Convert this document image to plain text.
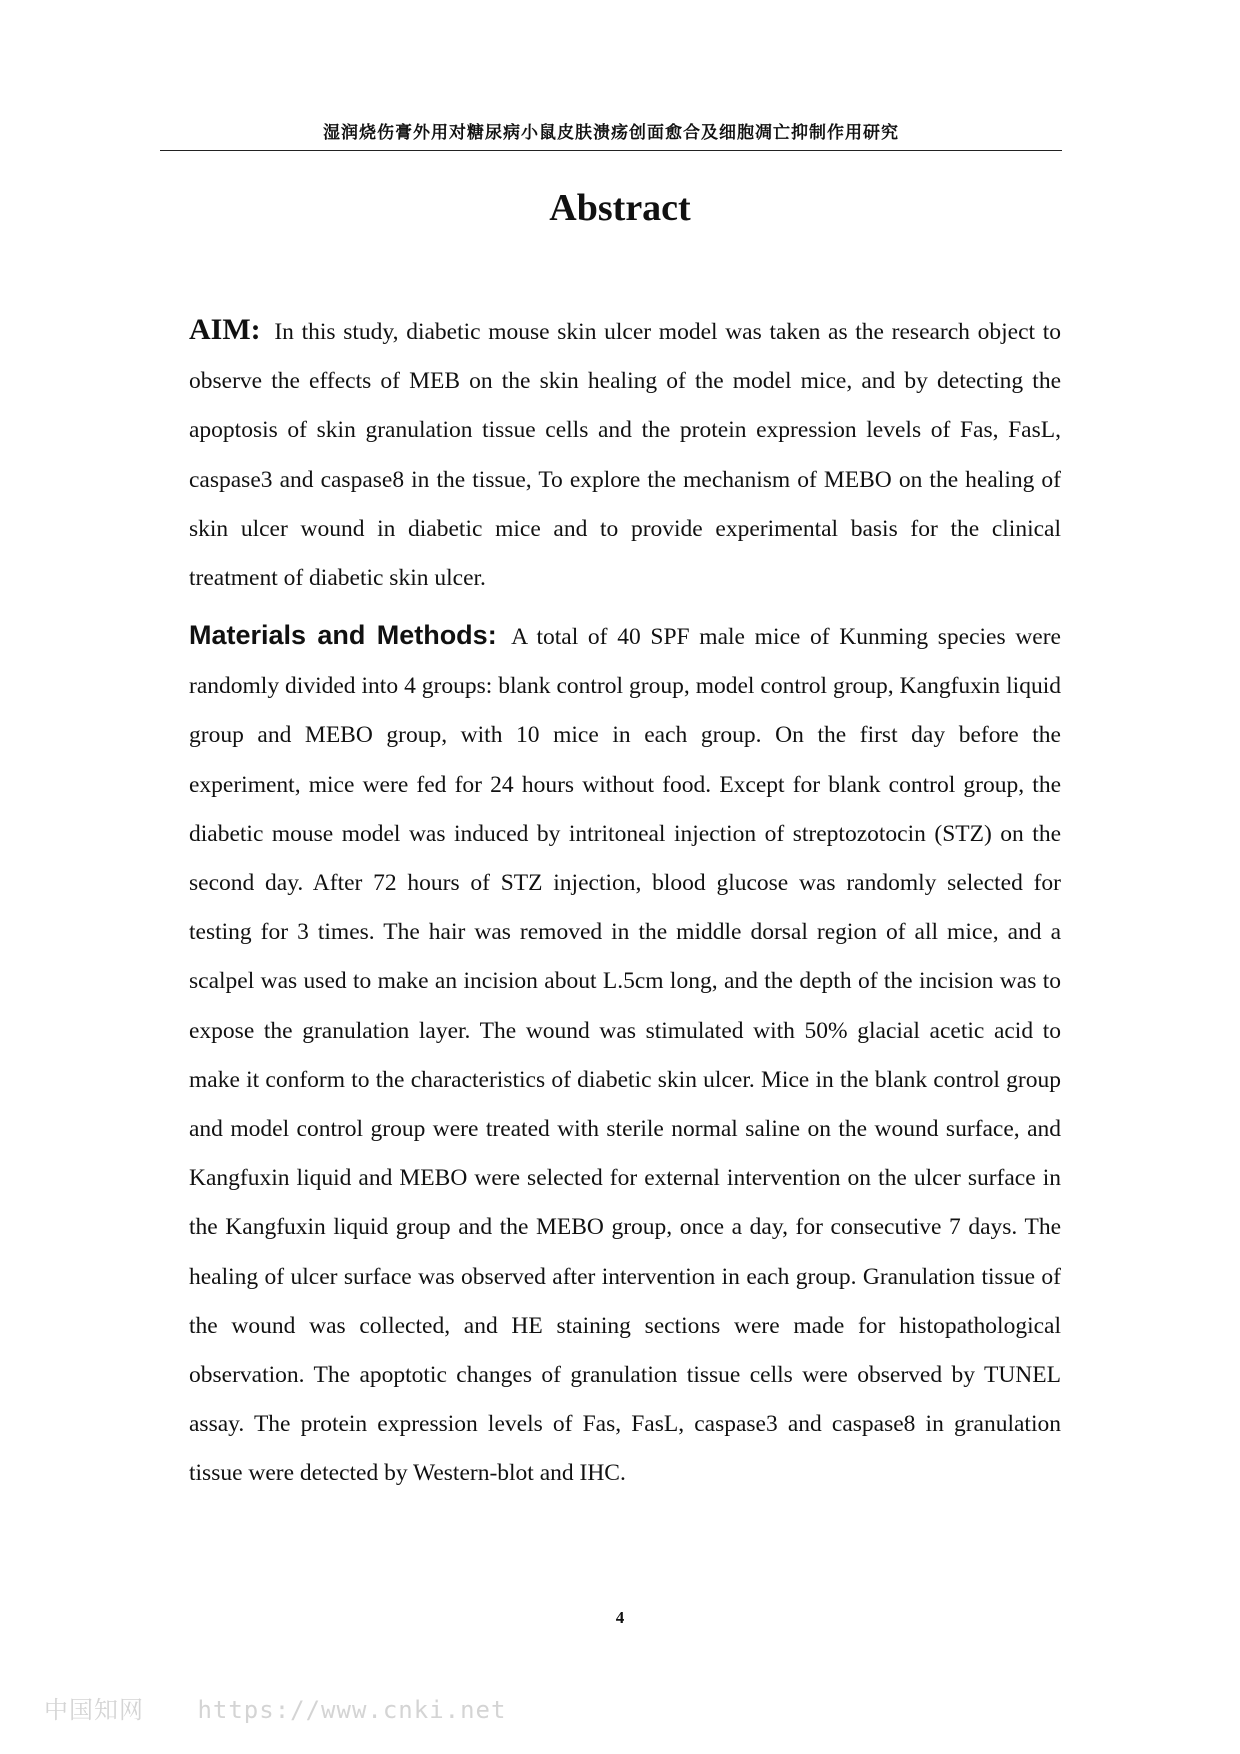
湿润烧伤膏外用对糖尿病小鼠皮肤溃疡创面愈合及细胞凋亡抑制作用研究
Abstract

AIM: In this study, diabetic mouse skin ulcer model was taken as the research object to observe the effects of MEB on the skin healing of the model mice, and by detecting the apoptosis of skin granulation tissue cells and the protein expression levels of Fas, FasL, caspase3 and caspase8 in the tissue, To explore the mechanism of MEBO on the healing of skin ulcer wound in diabetic mice and to provide experimental basis for the clinical treatment of diabetic skin ulcer.

Materials and Methods: A total of 40 SPF male mice of Kunming species were randomly divided into 4 groups: blank control group, model control group, Kangfuxin liquid group and MEBO group, with 10 mice in each group. On the first day before the experiment, mice were fed for 24 hours without food. Except for blank control group, the diabetic mouse model was induced by intritoneal injection of streptozotocin (STZ) on the second day. After 72 hours of STZ injection, blood glucose was randomly selected for testing for 3 times. The hair was removed in the middle dorsal region of all mice, and a scalpel was used to make an incision about L.5cm long, and the depth of the incision was to expose the granulation layer. The wound was stimulated with 50% glacial acetic acid to make it conform to the characteristics of diabetic skin ulcer. Mice in the blank control group and model control group were treated with sterile normal saline on the wound surface, and Kangfuxin liquid and MEBO were selected for external intervention on the ulcer surface in the Kangfuxin liquid group and the MEBO group, once a day, for consecutive 7 days. The healing of ulcer surface was observed after intervention in each group. Granulation tissue of the wound was collected, and HE staining sections were made for histopathological observation. The apoptotic changes of granulation tissue cells were observed by TUNEL assay. The protein expression levels of Fas, FasL, caspase3 and caspase8 in granulation tissue were detected by Western-blot and IHC.

4
中国知网 https://www.cnki.net
